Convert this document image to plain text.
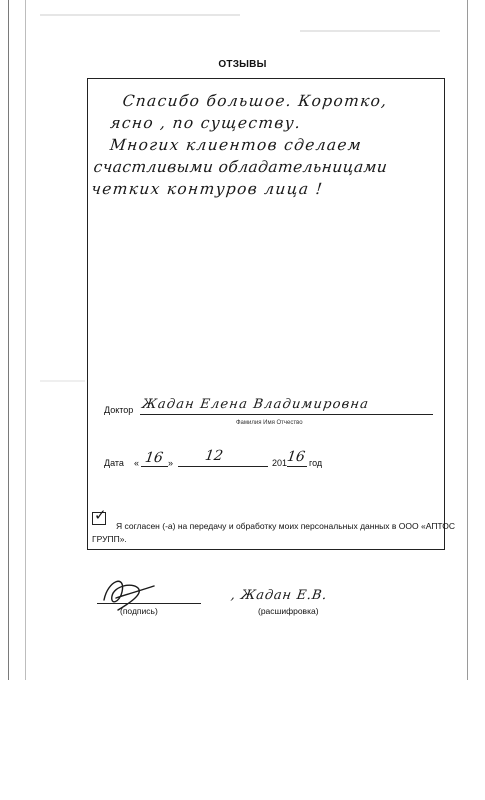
ОТЗЫВЫ
Спасибо большое. Коротко,
ясно , по существу.
Многих клиентов сделаем
счастливыми обладательницами
четких контуров лица !
Доктор Жадан Елена Владимировна
Фамилия Имя Отчество
Дата « 16 » 12	201
16 год
✓
Я согласен (-а) на передачу и обработку моих персональных данных в ООО «АПТОС ГРУПП».
(подпись)
, Жадан Е.В.
(расшифровка)
